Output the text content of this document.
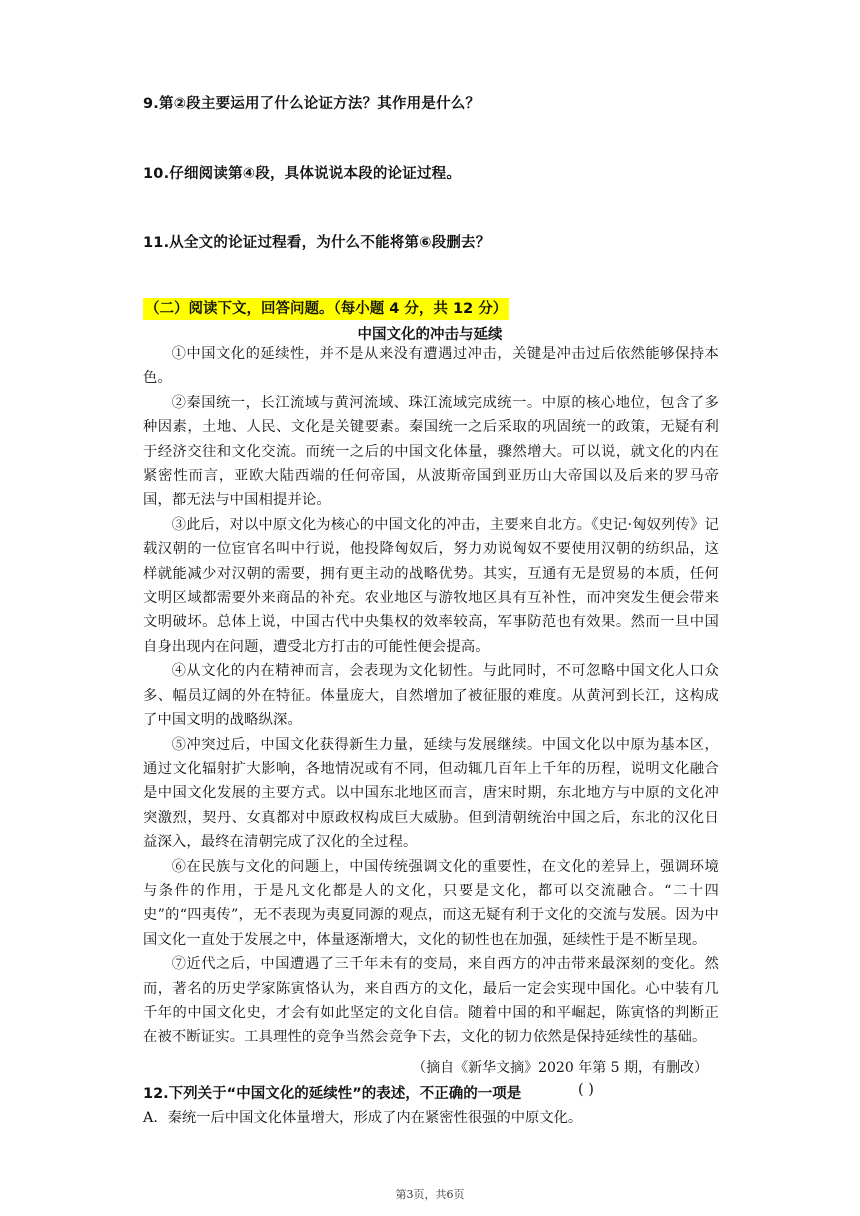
9.第②段主要运用了什么论证方法？其作用是什么？
10.仔细阅读第④段，具体说说本段的论证过程。
11.从全文的论证过程看，为什么不能将第⑥段删去？
（二）阅读下文，回答问题。（每小题 4 分，共 12 分）
中国文化的冲击与延续

①中国文化的延续性，并不是从来没有遭遇过冲击，关键是冲击过后依然能够保持本色。

②秦国统一，长江流域与黄河流域、珠江流域完成统一。中原的核心地位，包含了多种因素，土地、人民、文化是关键要素。秦国统一之后采取的巩固统一的政策，无疑有利于经济交往和文化交流。而统一之后的中国文化体量，骤然增大。可以说，就文化的内在紧密性而言，亚欧大陆西端的任何帝国，从波斯帝国到亚历山大帝国以及后来的罗马帝国，都无法与中国相提并论。

③此后，对以中原文化为核心的中国文化的冲击，主要来自北方。《史记·匈奴列传》记载汉朝的一位宦官名叫中行说，他投降匈奴后，努力劝说匈奴不要使用汉朝的纺织品，这样就能减少对汉朝的需要，拥有更主动的战略优势。其实，互通有无是贸易的本质，任何文明区域都需要外来商品的补充。农业地区与游牧地区具有互补性，而冲突发生便会带来文明破坏。总体上说，中国古代中央集权的效率较高，军事防范也有效果。然而一旦中国自身出现内在问题，遭受北方打击的可能性便会提高。

④从文化的内在精神而言，会表现为文化韧性。与此同时，不可忽略中国文化人口众多、幅员辽阔的外在特征。体量庞大，自然增加了被征服的难度。从黄河到长江，这构成了中国文明的战略纵深。

⑤冲突过后，中国文化获得新生力量，延续与发展继续。中国文化以中原为基本区，通过文化辐射扩大影响，各地情况或有不同，但动辄几百年上千年的历程，说明文化融合是中国文化发展的主要方式。以中国东北地区而言，唐宋时期，东北地方与中原的文化冲突激烈，契丹、女真都对中原政权构成巨大威胁。但到清朝统治中国之后，东北的汉化日益深入，最终在清朝完成了汉化的全过程。

⑥在民族与文化的问题上，中国传统强调文化的重要性，在文化的差异上，强调环境与条件的作用，于是凡文化都是人的文化，只要是文化，都可以交流融合。“二十四史”的“四夷传”，无不表现为夷夏同源的观点，而这无疑有利于文化的交流与发展。因为中国文化一直处于发展之中，体量逐渐增大，文化的韧性也在加强，延续性于是不断呈现。

⑦近代之后，中国遭遇了三千年未有的变局，来自西方的冲击带来最深刻的变化。然而，著名的历史学家陈寅恪认为，来自西方的文化，最后一定会实现中国化。心中装有几千年的中国文化史，才会有如此坚定的文化自信。随着中国的和平崛起，陈寅恪的判断正在被不断证实。工具理性的竞争当然会竞争下去，文化的韧力依然是保持延续性的基础。

（摘自《新华文摘》2020 年第 5 期，有删改）
12.下列关于“中国文化的延续性”的表述，不正确的一项是	( )
A．秦统一后中国文化体量增大，形成了内在紧密性很强的中原文化。
第3页，共6页
